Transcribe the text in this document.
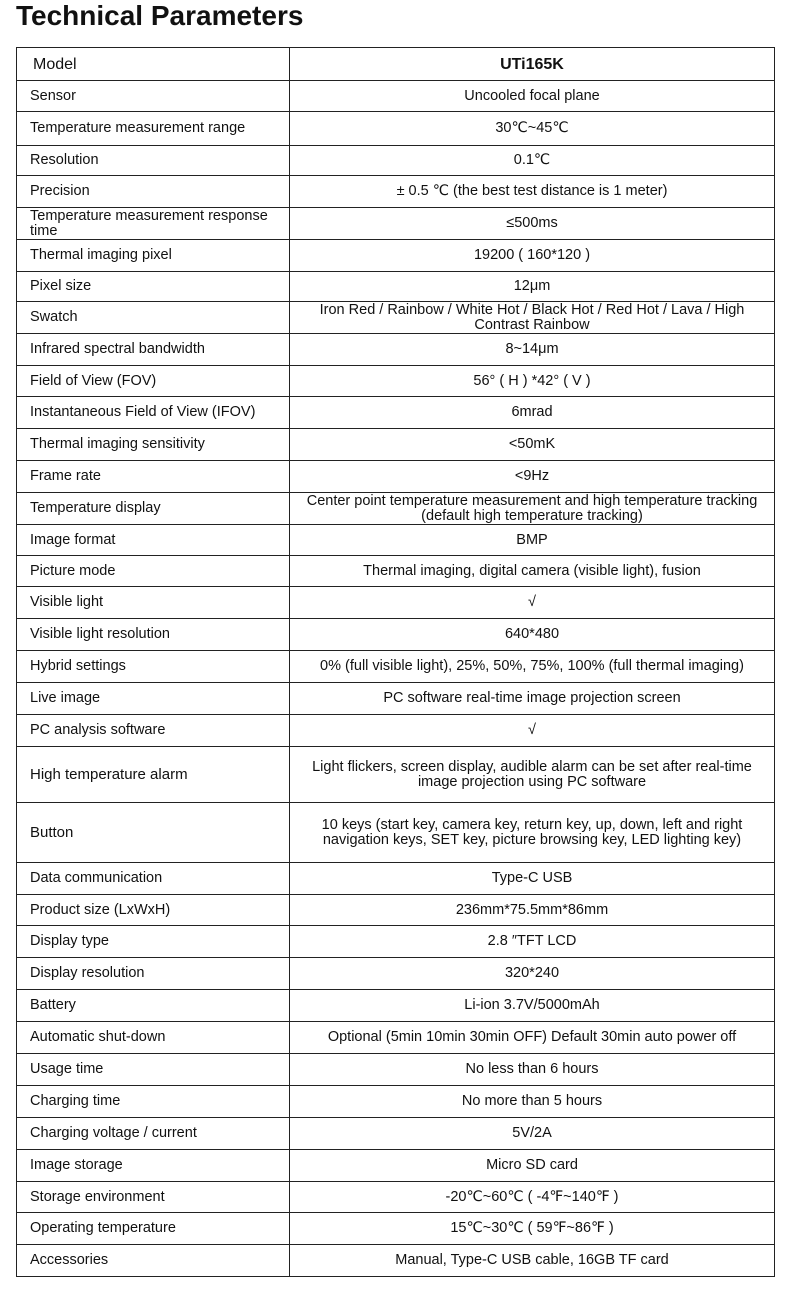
Technical Parameters
Model	UTi165K
Sensor	Uncooled focal plane
Temperature measurement range	30℃~45℃
Resolution	0.1℃
Precision	± 0.5 ℃ (the best test distance is 1 meter)
Temperature measurement response time	≤500ms
Thermal imaging pixel	19200 ( 160*120 )
Pixel size	12μm
Swatch	Iron Red / Rainbow / White Hot / Black Hot / Red Hot / Lava / High Contrast Rainbow
Infrared spectral bandwidth	8~14μm
Field of View (FOV)	56° ( H ) *42° ( V )
Instantaneous Field of View (IFOV)	6mrad
Thermal imaging sensitivity	<50mK
Frame rate	<9Hz
Temperature display	Center point temperature measurement and high temperature tracking (default high temperature tracking)
Image format	BMP
Picture mode	Thermal imaging, digital camera (visible light), fusion
Visible light	√
Visible light resolution	640*480
Hybrid settings	0% (full visible light), 25%, 50%, 75%, 100% (full thermal imaging)
Live image	PC software real-time image projection screen
PC analysis software	√
High temperature alarm	Light flickers, screen display, audible alarm can be set after real-time image projection using PC software
Button	10 keys (start key, camera key, return key, up, down, left and right navigation keys, SET key, picture browsing key, LED lighting key)
Data communication	Type-C USB
Product size (LxWxH)	236mm*75.5mm*86mm
Display type	2.8 ″TFT LCD
Display resolution	320*240
Battery	Li-ion 3.7V/5000mAh
Automatic shut-down	Optional (5min 10min 30min OFF) Default 30min auto power off
Usage time	No less than 6 hours
Charging time	No more than 5 hours
Charging voltage / current	5V/2A
Image storage	Micro SD card
Storage environment	-20℃~60℃ ( -4℉~140℉ )
Operating temperature	15℃~30℃ ( 59℉~86℉ )
Accessories	Manual, Type-C USB cable, 16GB TF card
